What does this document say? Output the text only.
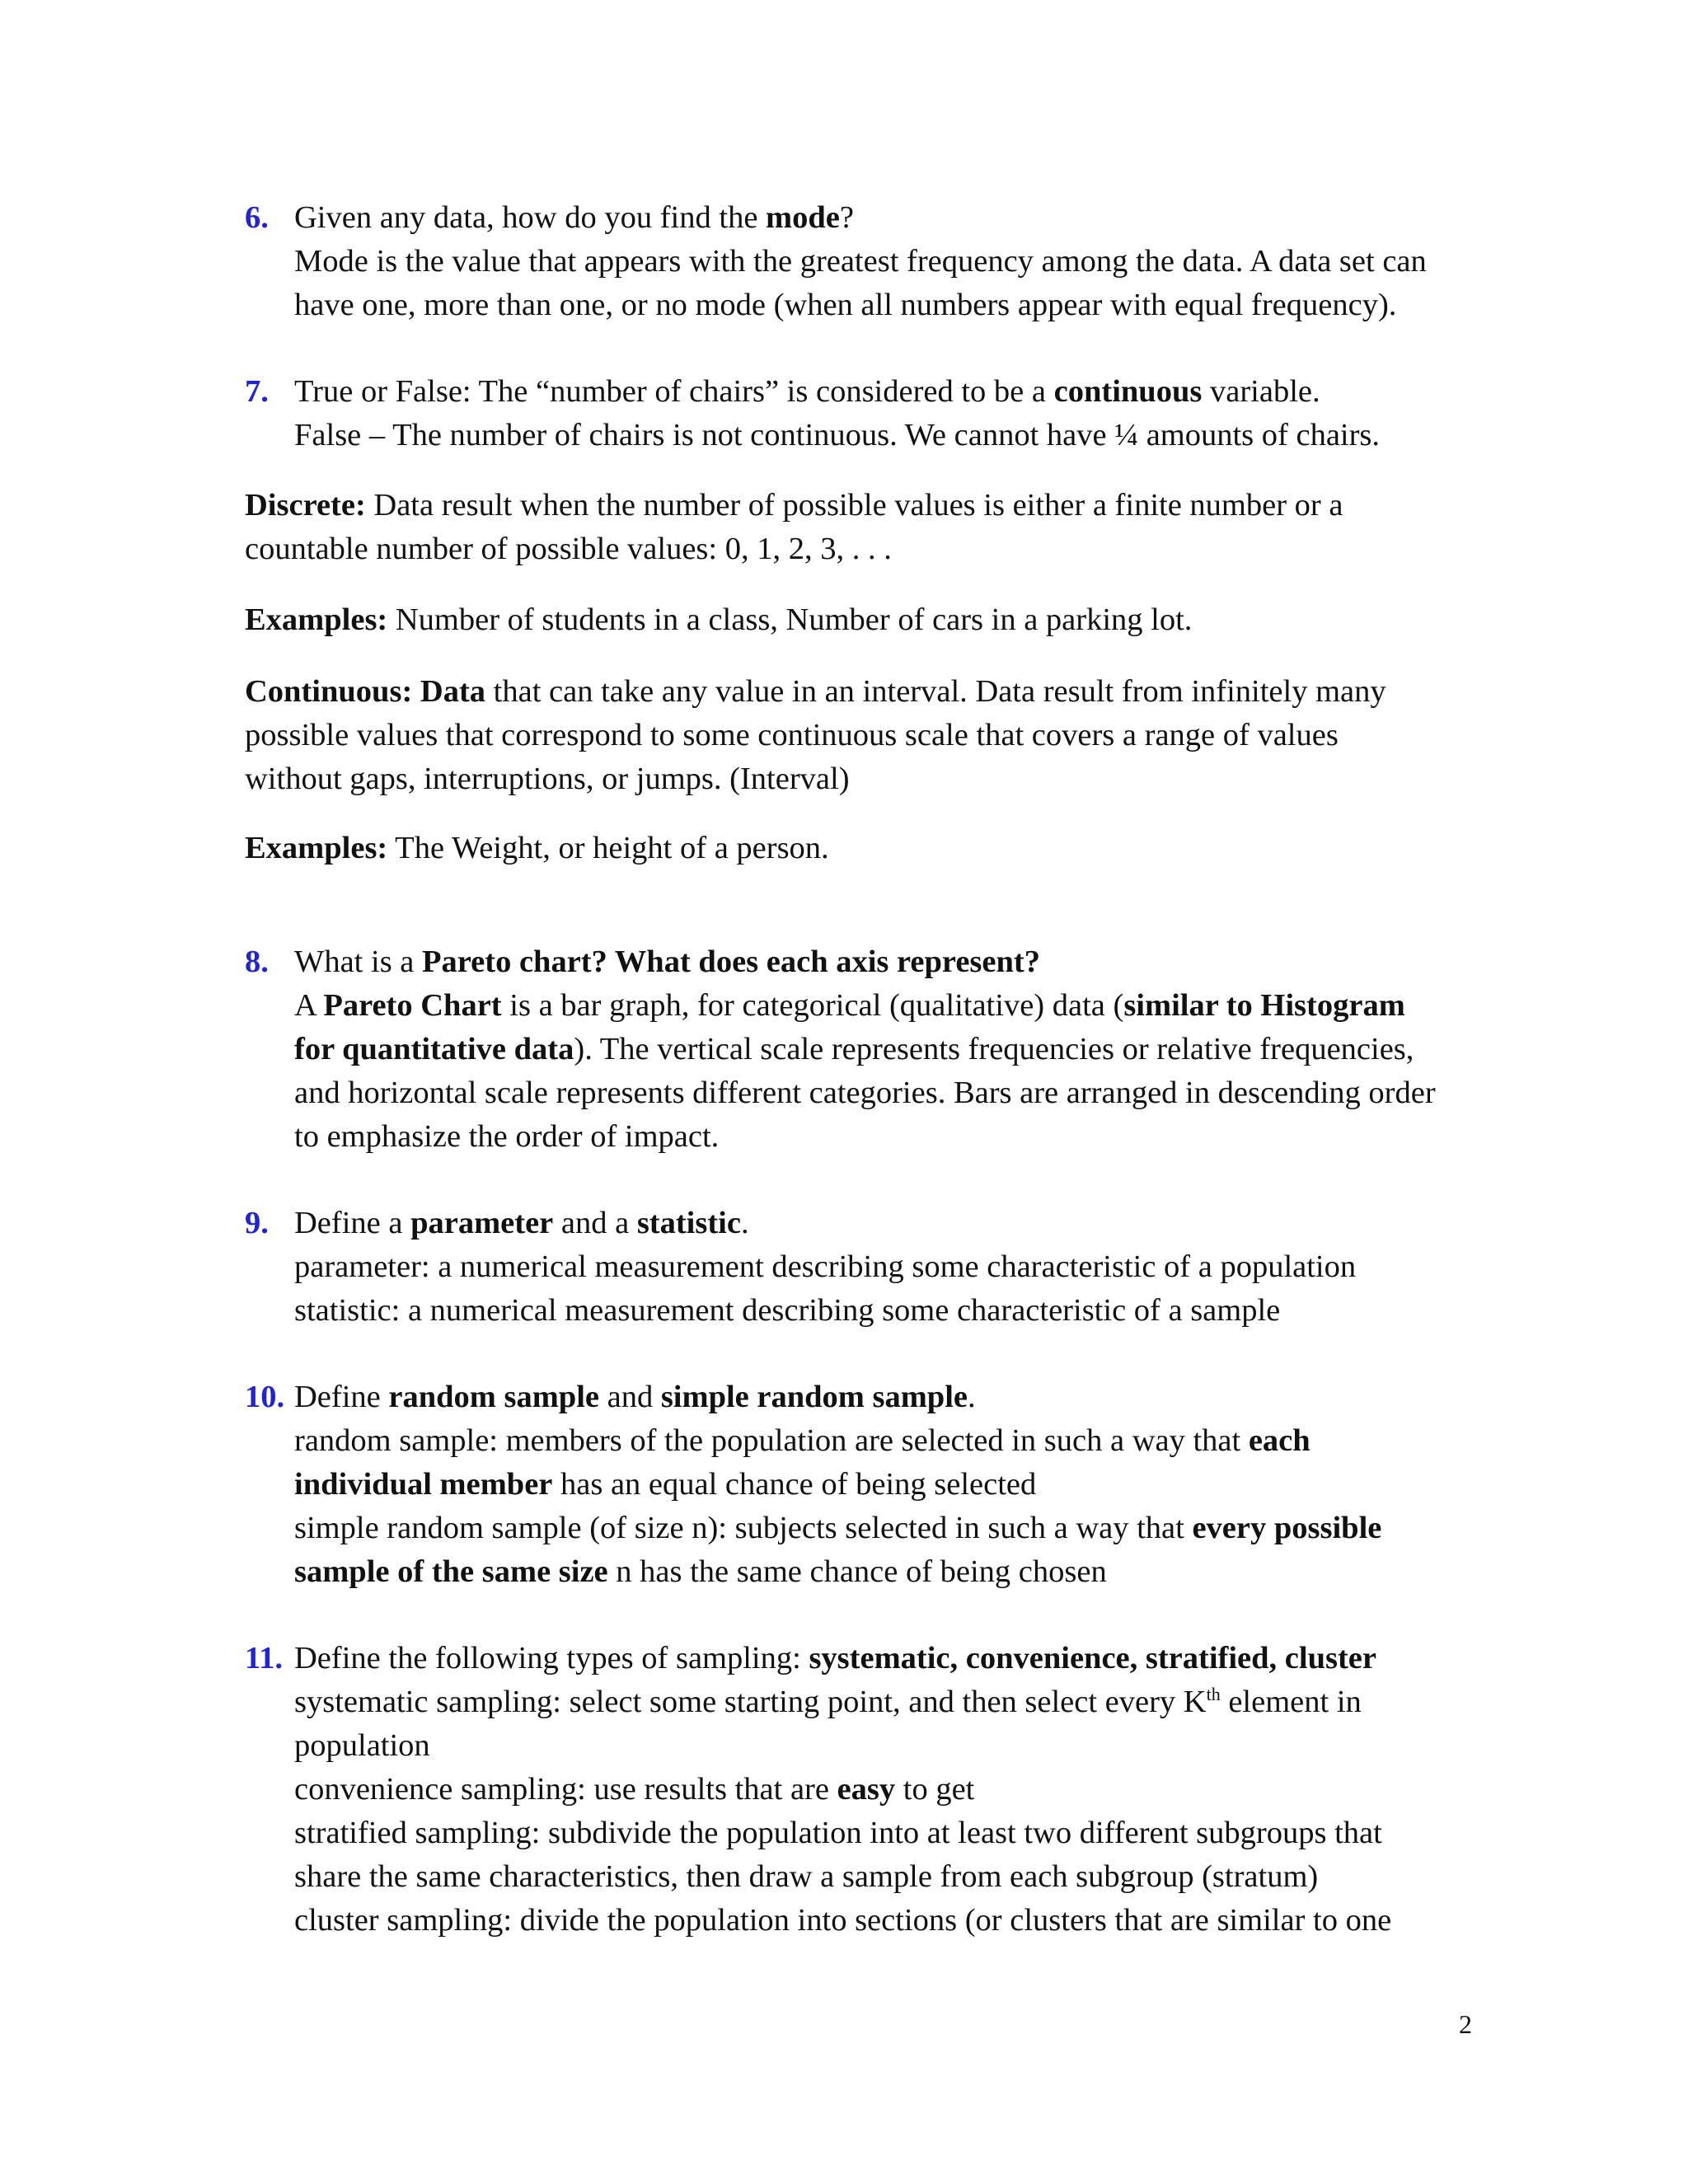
6. Given any data, how do you find the mode?
Mode is the value that appears with the greatest frequency among the data. A data set can
have one, more than one, or no mode (when all numbers appear with equal frequency).
7. True or False: The “number of chairs” is considered to be a continuous variable.
False – The number of chairs is not continuous. We cannot have ¼ amounts of chairs.
Discrete: Data result when the number of possible values is either a finite number or a
countable number of possible values: 0, 1, 2, 3, . . .
Examples: Number of students in a class, Number of cars in a parking lot.
Continuous: Data that can take any value in an interval. Data result from infinitely many
possible values that correspond to some continuous scale that covers a range of values
without gaps, interruptions, or jumps. (Interval)
Examples: The Weight, or height of a person.
8. What is a Pareto chart? What does each axis represent?
A Pareto Chart is a bar graph, for categorical (qualitative) data (similar to Histogram
for quantitative data). The vertical scale represents frequencies or relative frequencies,
and horizontal scale represents different categories. Bars are arranged in descending order
to emphasize the order of impact.
9. Define a parameter and a statistic.
parameter: a numerical measurement describing some characteristic of a population
statistic: a numerical measurement describing some characteristic of a sample
10. Define random sample and simple random sample.
random sample: members of the population are selected in such a way that each
individual member has an equal chance of being selected
simple random sample (of size n): subjects selected in such a way that every possible
sample of the same size n has the same chance of being chosen
11. Define the following types of sampling: systematic, convenience, stratified, cluster
systematic sampling: select some starting point, and then select every $K^{th}$ element in
population
convenience sampling: use results that are easy to get
stratified sampling: subdivide the population into at least two different subgroups that
share the same characteristics, then draw a sample from each subgroup (stratum)
cluster sampling: divide the population into sections (or clusters that are similar to one
2
